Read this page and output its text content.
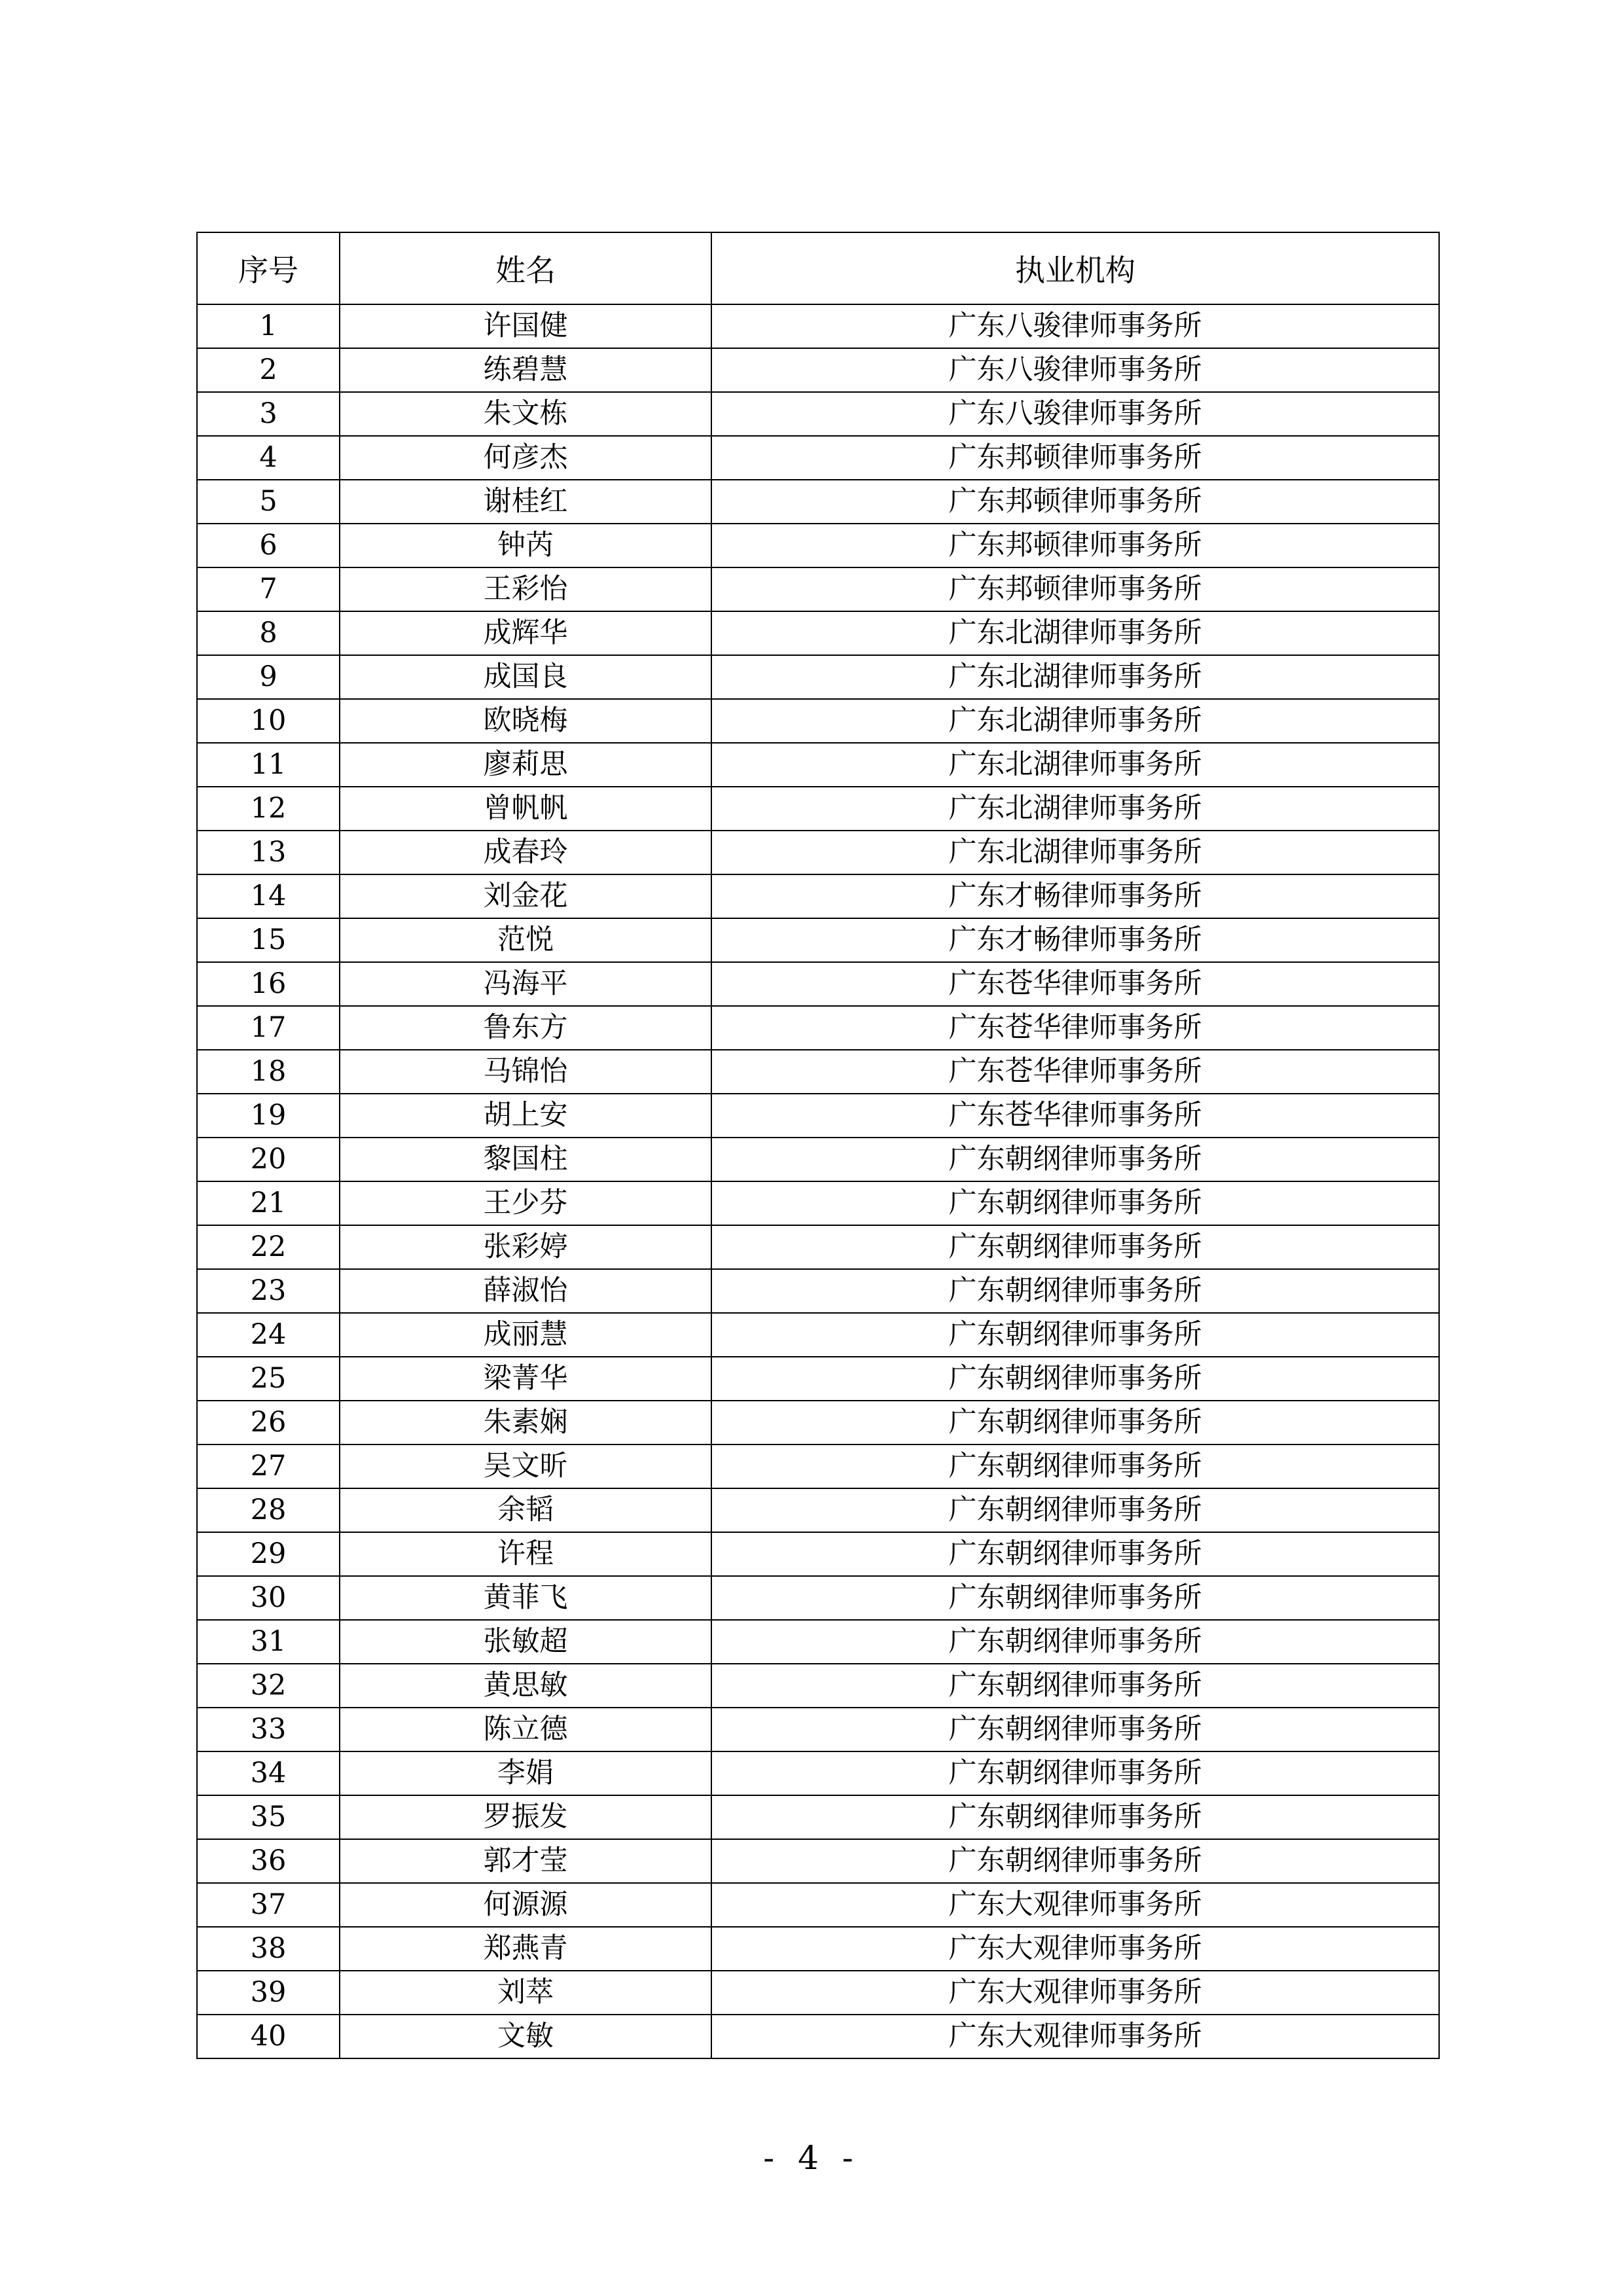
序号	姓名	执业机构
1	许国健	广东八骏律师事务所
2	练碧慧	广东八骏律师事务所
3	朱文栋	广东八骏律师事务所
4	何彦杰	广东邦顿律师事务所
5	谢桂红	广东邦顿律师事务所
6	钟芮	广东邦顿律师事务所
7	王彩怡	广东邦顿律师事务所
8	成辉华	广东北湖律师事务所
9	成国良	广东北湖律师事务所
10	欧晓梅	广东北湖律师事务所
11	廖莉思	广东北湖律师事务所
12	曾帆帆	广东北湖律师事务所
13	成春玲	广东北湖律师事务所
14	刘金花	广东才畅律师事务所
15	范悦	广东才畅律师事务所
16	冯海平	广东苍华律师事务所
17	鲁东方	广东苍华律师事务所
18	马锦怡	广东苍华律师事务所
19	胡上安	广东苍华律师事务所
20	黎国柱	广东朝纲律师事务所
21	王少芬	广东朝纲律师事务所
22	张彩婷	广东朝纲律师事务所
23	薛淑怡	广东朝纲律师事务所
24	成丽慧	广东朝纲律师事务所
25	梁菁华	广东朝纲律师事务所
26	朱素娴	广东朝纲律师事务所
27	吴文昕	广东朝纲律师事务所
28	余韬	广东朝纲律师事务所
29	许程	广东朝纲律师事务所
30	黄菲飞	广东朝纲律师事务所
31	张敏超	广东朝纲律师事务所
32	黄思敏	广东朝纲律师事务所
33	陈立德	广东朝纲律师事务所
34	李娟	广东朝纲律师事务所
35	罗振发	广东朝纲律师事务所
36	郭才莹	广东朝纲律师事务所
37	何源源	广东大观律师事务所
38	郑燕青	广东大观律师事务所
39	刘萃	广东大观律师事务所
40	文敏	广东大观律师事务所
- 4 -
